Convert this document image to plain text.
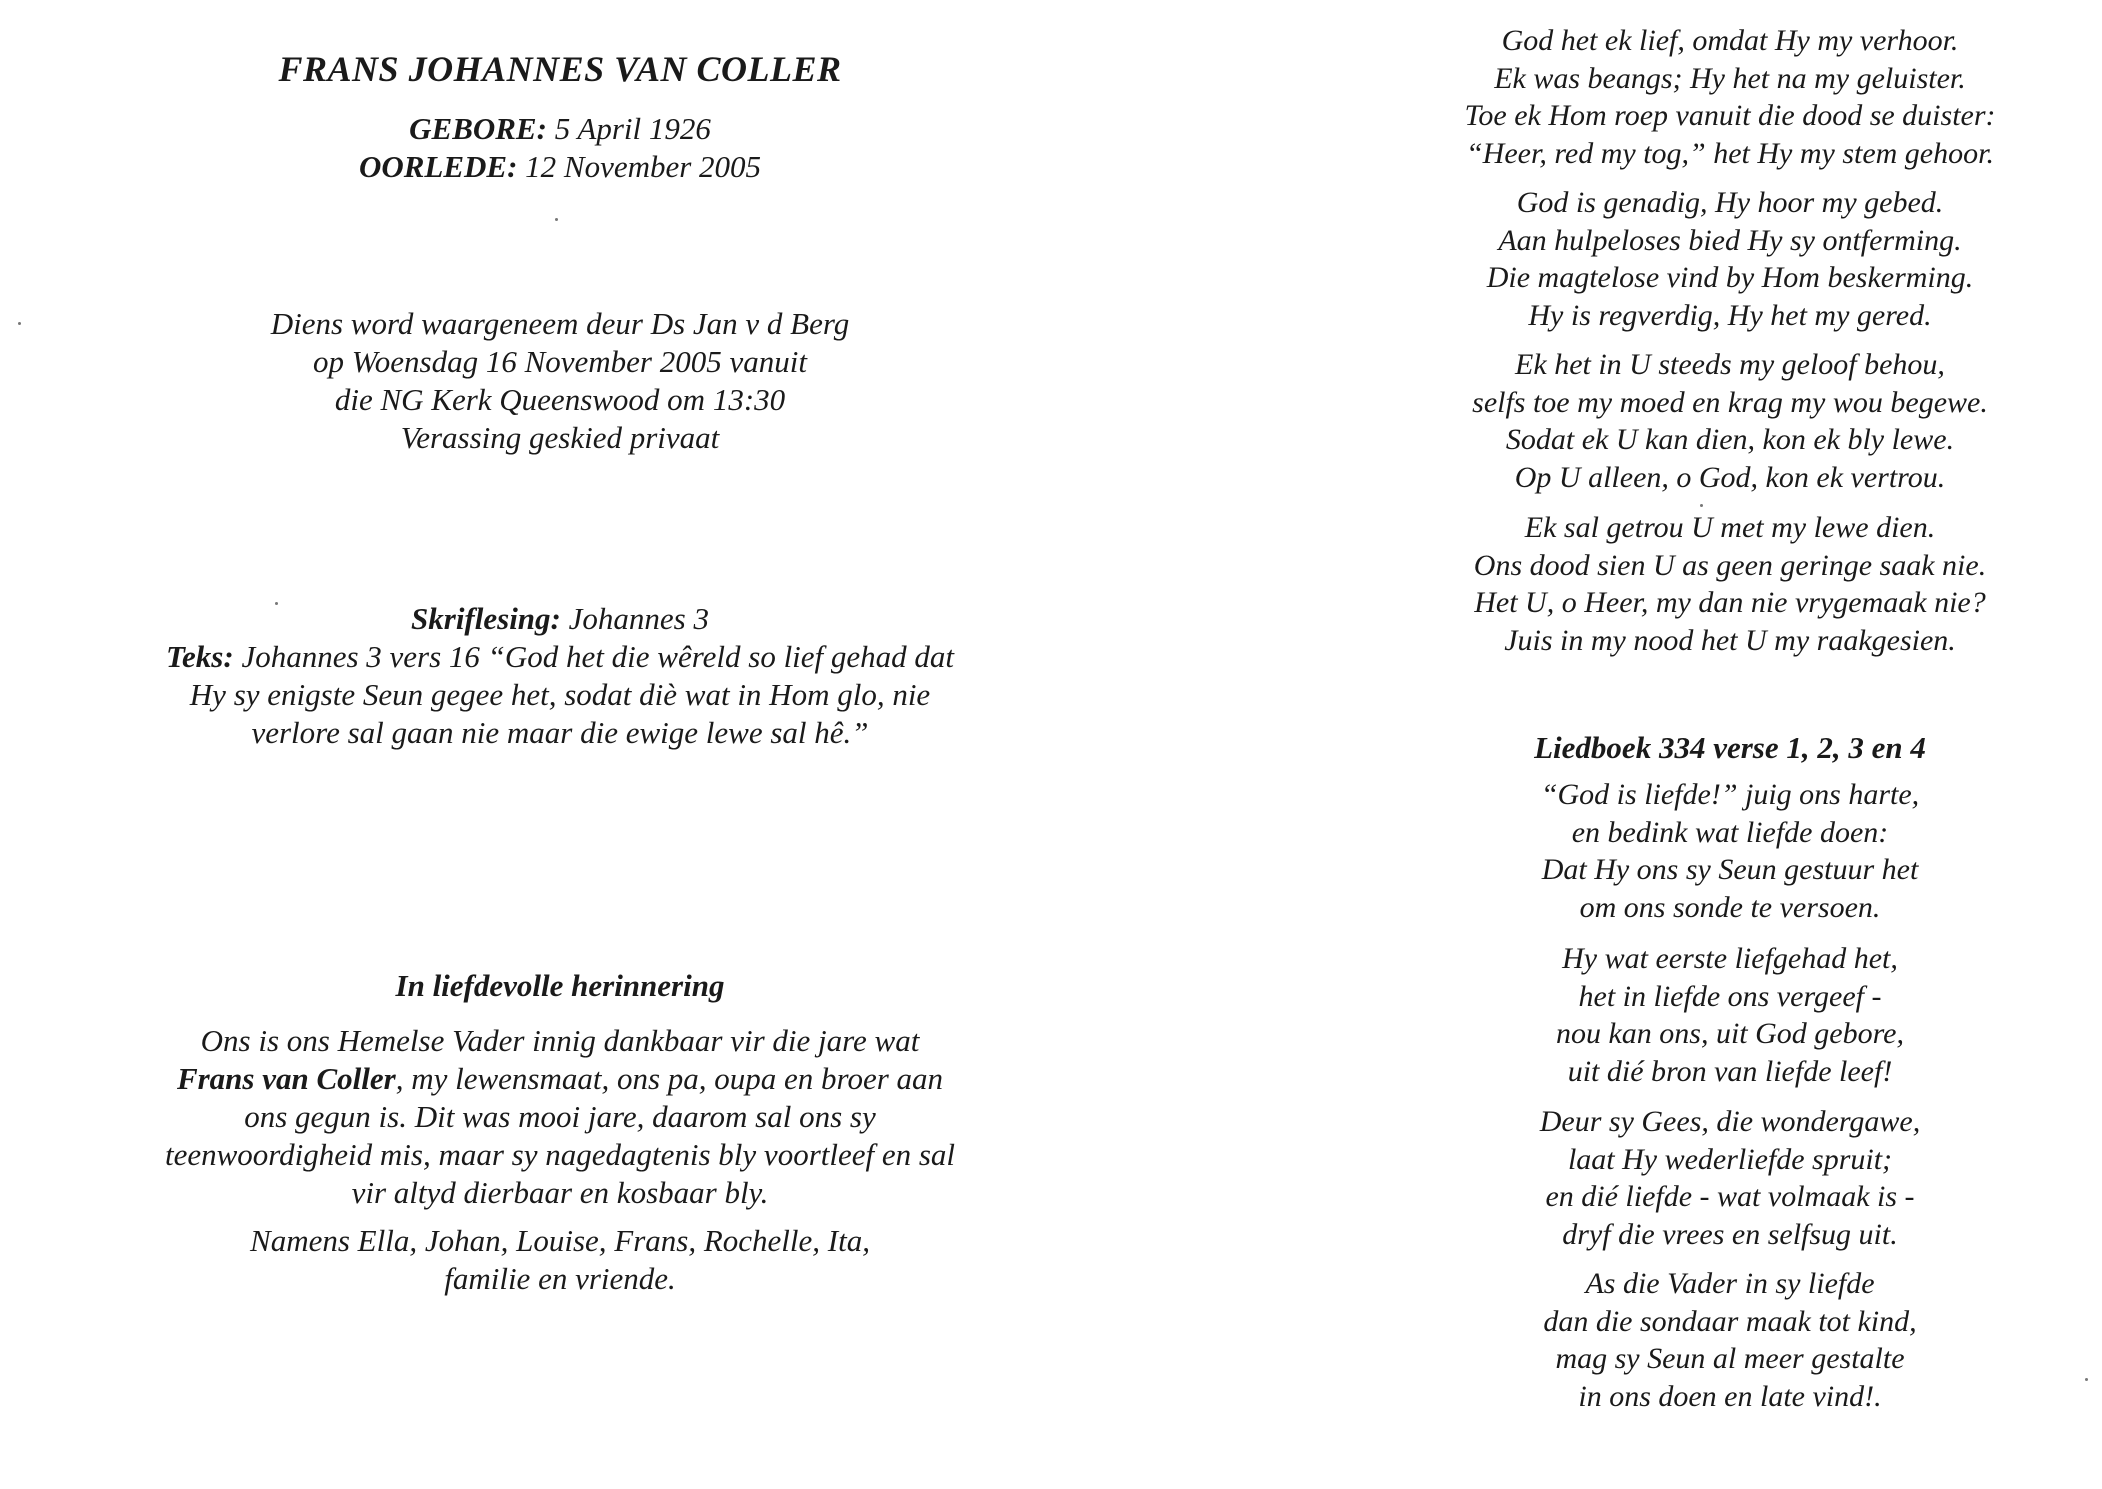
FRANS JOHANNES VAN COLLER
GEBORE: 5 April 1926
OORLEDE: 12 November 2005
Diens word waargeneem deur Ds Jan v d Berg
op Woensdag 16 November 2005 vanuit
die NG Kerk Queenswood om 13:30
Verassing geskied privaat
Skriflesing: Johannes 3
Teks: Johannes 3 vers 16 “God het die wêreld so lief gehad dat
Hy sy enigste Seun gegee het, sodat diè wat in Hom glo, nie
verlore sal gaan nie maar die ewige lewe sal hê.”
In liefdevolle herinnering
Ons is ons Hemelse Vader innig dankbaar vir die jare wat
Frans van Coller, my lewensmaat, ons pa, oupa en broer aan
ons gegun is. Dit was mooi jare, daarom sal ons sy
teenwoordigheid mis, maar sy nagedagtenis bly voortleef en sal
vir altyd dierbaar en kosbaar bly.
Namens Ella, Johan, Louise, Frans, Rochelle, Ita,
familie en vriende.
God het ek lief, omdat Hy my verhoor.
Ek was beangs; Hy het na my geluister.
Toe ek Hom roep vanuit die dood se duister:
“Heer, red my tog,” het Hy my stem gehoor.
God is genadig, Hy hoor my gebed.
Aan hulpeloses bied Hy sy ontferming.
Die magtelose vind by Hom beskerming.
Hy is regverdig, Hy het my gered.
Ek het in U steeds my geloof behou,
selfs toe my moed en krag my wou begewe.
Sodat ek U kan dien, kon ek bly lewe.
Op U alleen, o God, kon ek vertrou.
Ek sal getrou U met my lewe dien.
Ons dood sien U as geen geringe saak nie.
Het U, o Heer, my dan nie vrygemaak nie?
Juis in my nood het U my raakgesien.
Liedboek 334 verse 1, 2, 3 en 4
“God is liefde!” juig ons harte,
en bedink wat liefde doen:
Dat Hy ons sy Seun gestuur het
om ons sonde te versoen.
Hy wat eerste liefgehad het,
het in liefde ons vergeef -
nou kan ons, uit God gebore,
uit dié bron van liefde leef!
Deur sy Gees, die wondergawe,
laat Hy wederliefde spruit;
en dié liefde - wat volmaak is -
dryf die vrees en selfsug uit.
As die Vader in sy liefde
dan die sondaar maak tot kind,
mag sy Seun al meer gestalte
in ons doen en late vind!.
